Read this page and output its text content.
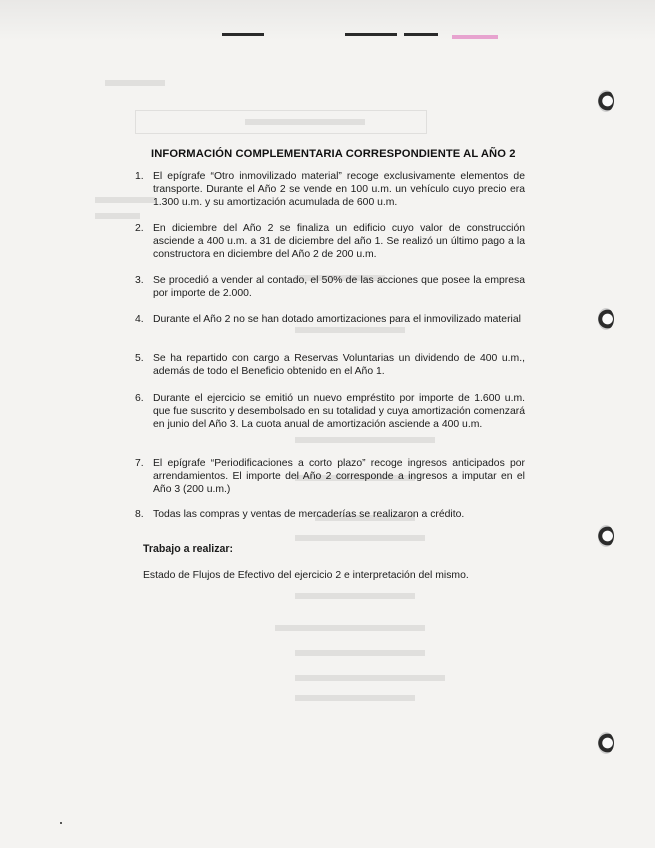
INFORMACIÓN COMPLEMENTARIA CORRESPONDIENTE AL AÑO 2
1. El epígrafe “Otro inmovilizado material” recoge exclusivamente elementos de transporte. Durante el Año 2 se vende en 100 u.m. un vehículo cuyo precio era 1.300 u.m. y su amortización acumulada de 600 u.m.
2. En diciembre del Año 2 se finaliza un edificio cuyo valor de construcción asciende a 400 u.m. a 31 de diciembre del año 1. Se realizó un último pago a la constructora en diciembre del Año 2 de 200 u.m.
3. Se procedió a vender al contado, el 50% de las acciones que posee la empresa por importe de 2.000.
4. Durante el Año 2 no se han dotado amortizaciones para el inmovilizado material
5. Se ha repartido con cargo a Reservas Voluntarias un dividendo de 400 u.m., además de todo el Beneficio obtenido en el Año 1.
6. Durante el ejercicio se emitió un nuevo empréstito por importe de 1.600 u.m. que fue suscrito y desembolsado en su totalidad y cuya amortización comenzará en junio del Año 3. La cuota anual de amortización asciende a 400 u.m.
7. El epígrafe “Periodificaciones a corto plazo” recoge ingresos anticipados por arrendamientos. El importe del Año 2 corresponde a ingresos a imputar en el Año 3 (200 u.m.)
8. Todas las compras y ventas de mercaderías se realizaron a crédito.
Trabajo a realizar:
Estado de Flujos de Efectivo del ejercicio 2 e interpretación del mismo.
